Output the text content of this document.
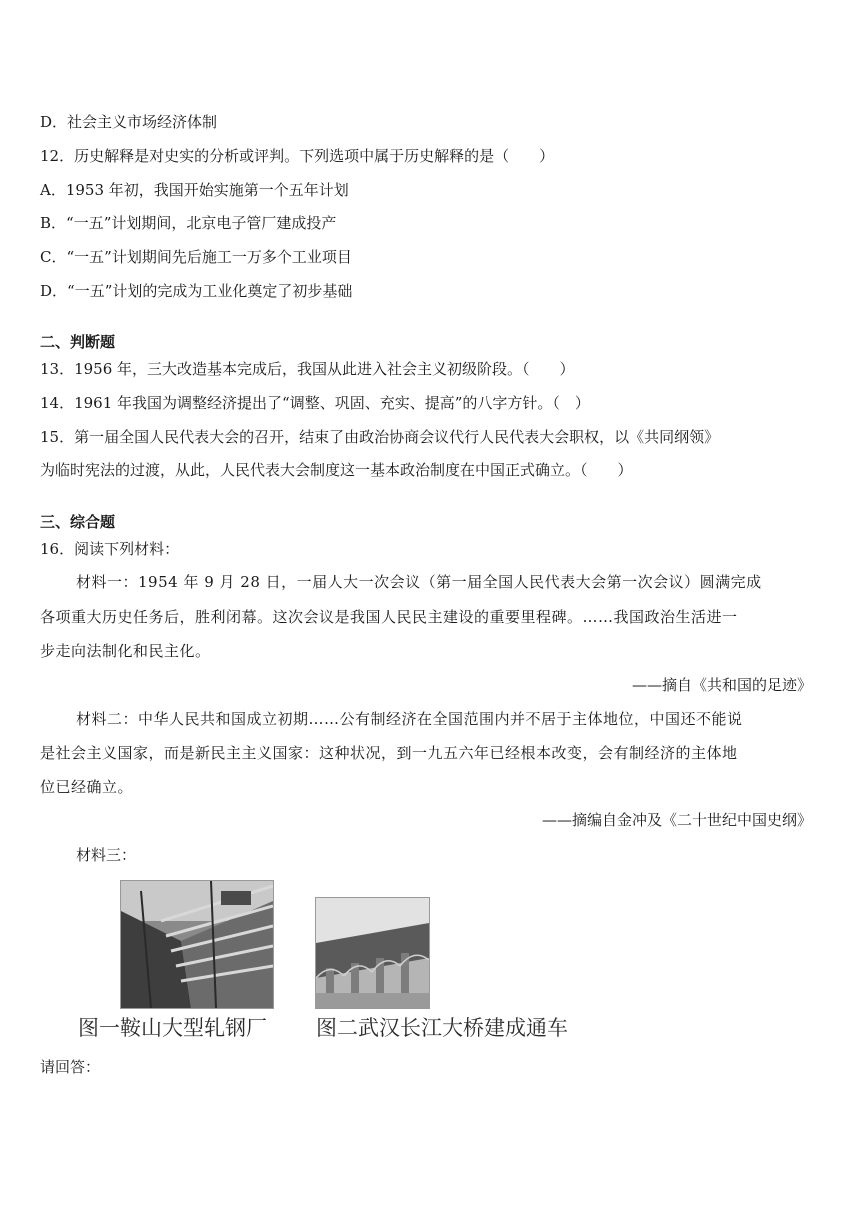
D．社会主义市场经济体制
12．历史解释是对史实的分析或评判。下列选项中属于历史解释的是（　　）
A．1953 年初，我国开始实施第一个五年计划
B．“一五”计划期间，北京电子管厂建成投产
C．“一五”计划期间先后施工一万多个工业项目
D．“一五”计划的完成为工业化奠定了初步基础
二、判断题
13．1956 年，三大改造基本完成后，我国从此进入社会主义初级阶段。（　　）
14．1961 年我国为调整经济提出了“调整、巩固、充实、提高”的八字方针。（　）
15．第一届全国人民代表大会的召开，结束了由政治协商会议代行人民代表大会职权，以《共同纲领》
为临时宪法的过渡，从此，人民代表大会制度这一基本政治制度在中国正式确立。（　　）
三、综合题
16．阅读下列材料：
材料一：1954 年 9 月 28 日，一届人大一次会议（第一届全国人民代表大会第一次会议）圆满完成
各项重大历史任务后，胜利闭幕。这次会议是我国人民民主建设的重要里程碑。……我国政治生活进一
步走向法制化和民主化。
——摘自《共和国的足迹》
材料二：中华人民共和国成立初期……公有制经济在全国范围内并不居于主体地位，中国还不能说
是社会主义国家，而是新民主主义国家：这种状况，到一九五六年已经根本改变，会有制经济的主体地
位已经确立。
——摘编自金冲及《二十世纪中国史纲》
材料三：
图一鞍山大型轧钢厂 图二武汉长江大桥建成通车
请回答：
